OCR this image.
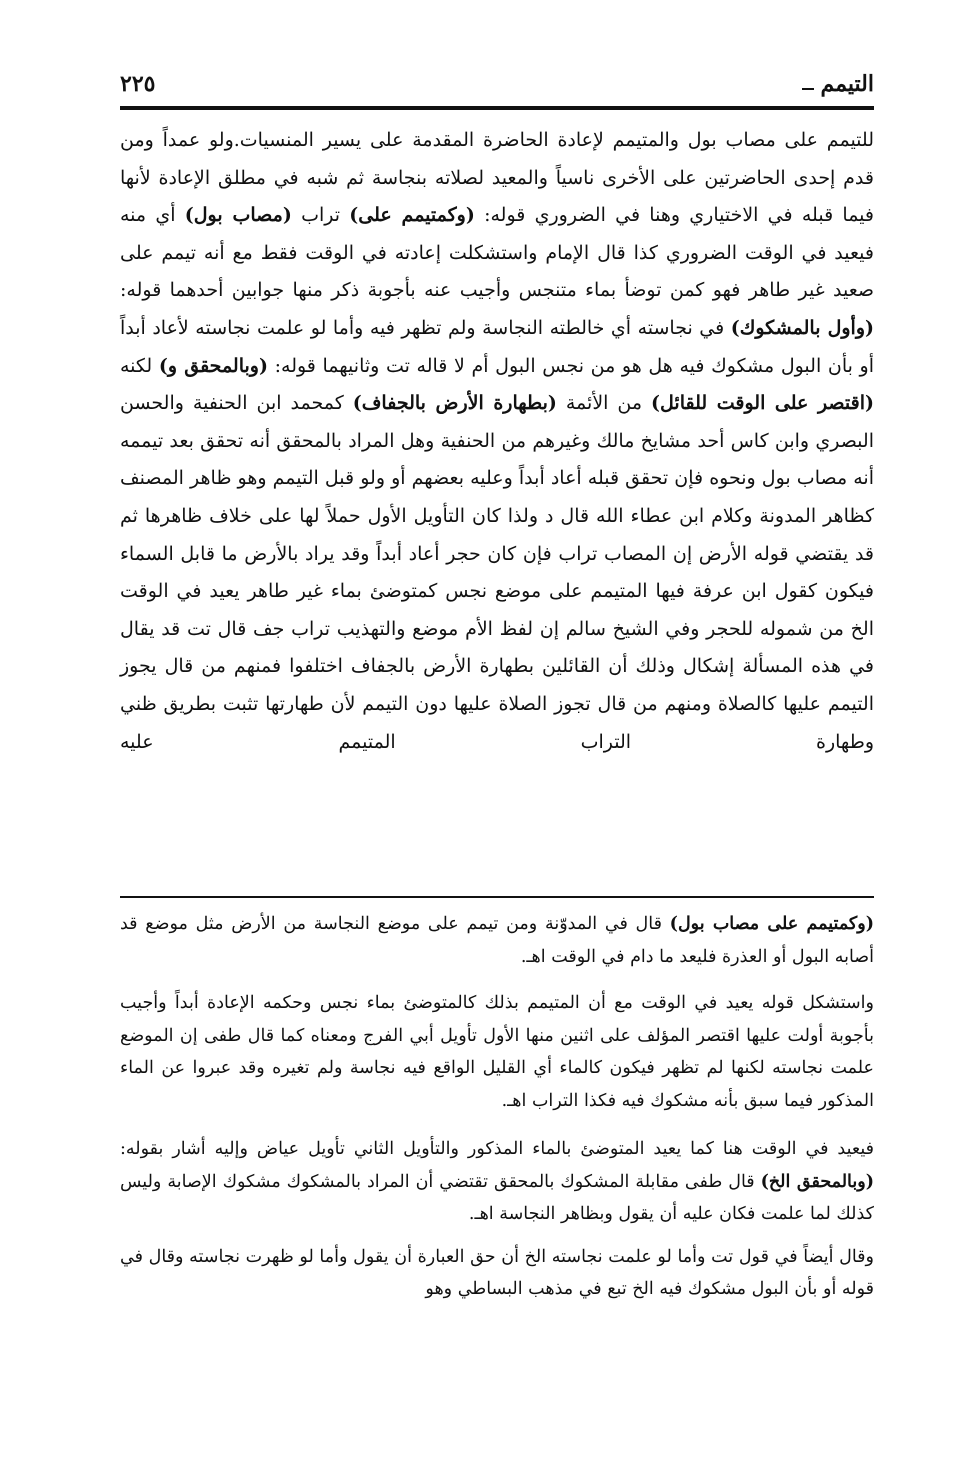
التيمم
٢٢٥

للتيمم على مصاب بول والمتيمم لإعادة الحاضرة المقدمة على يسير المنسيات.ولو عمداً ومن قدم إحدى الحاضرتين على الأخرى ناسياً والمعيد لصلاته بنجاسة ثم شبه في مطلق الإعادة لأنها فيما قبله في الاختياري وهنا في الضروري قوله: (وكمتيمم على) تراب (مصاب بول) أي منه فيعيد في الوقت الضروري كذا قال الإمام واستشكلت إعادته في الوقت فقط مع أنه تيمم على صعيد غير طاهر فهو كمن توضأ بماء متنجس وأجيب عنه بأجوبة ذكر منها جوابين أحدهما قوله: (وأول بالمشكوك) في نجاسته أي خالطته النجاسة ولم تظهر فيه وأما لو علمت نجاسته لأعاد أبداً أو بأن البول مشكوك فيه هل هو من نجس البول أم لا قاله تت وثانيهما قوله: (وبالمحقق و) لكنه (اقتصر على الوقت للقائل) من الأئمة (بطهارة الأرض بالجفاف) كمحمد ابن الحنفية والحسن البصري وابن كاس أحد مشايخ مالك وغيرهم من الحنفية وهل المراد بالمحقق أنه تحقق بعد تيممه أنه مصاب بول ونحوه فإن تحقق قبله أعاد أبداً وعليه بعضهم أو ولو قبل التيمم وهو ظاهر المصنف كظاهر المدونة وكلام ابن عطاء الله قال د ولذا كان التأويل الأول حملاً لها على خلاف ظاهرها ثم قد يقتضي قوله الأرض إن المصاب تراب فإن كان حجر أعاد أبداً وقد يراد بالأرض ما قابل السماء فيكون كقول ابن عرفة فيها المتيمم على موضع نجس كمتوضئ بماء غير طاهر يعيد في الوقت الخ من شموله للحجر وفي الشيخ سالم إن لفظ الأم موضع والتهذيب تراب جف قال تت قد يقال في هذه المسألة إشكال وذلك أن القائلين بطهارة الأرض بالجفاف اختلفوا فمنهم من قال يجوز التيمم عليها كالصلاة ومنهم من قال تجوز الصلاة عليها دون التيمم لأن طهارتها تثبت بطريق ظني وطهارة التراب المتيمم عليه

(وكمتيمم على مصاب بول) قال في المدوّنة ومن تيمم على موضع النجاسة من الأرض مثل موضع قد أصابه البول أو العذرة فليعد ما دام في الوقت اهـ.

واستشكل قوله يعيد في الوقت مع أن المتيمم بذلك كالمتوضئ بماء نجس وحكمه الإعادة أبداً وأجيب بأجوبة أولت عليها اقتصر المؤلف على اثنين منها الأول تأويل أبي الفرج ومعناه كما قال طفى إن الموضع علمت نجاسته لكنها لم تظهر فيكون كالماء أي القليل الواقع فيه نجاسة ولم تغيره وقد عبروا عن الماء المذكور فيما سبق بأنه مشكوك فيه فكذا التراب اهـ.

فيعيد في الوقت هنا كما يعيد المتوضئ بالماء المذكور والتأويل الثاني تأويل عياض وإليه أشار بقوله: (وبالمحقق الخ) قال طفى مقابلة المشكوك بالمحقق تقتضي أن المراد بالمشكوك مشكوك الإصابة وليس كذلك لما علمت فكان عليه أن يقول وبظاهر النجاسة اهـ.

وقال أيضاً في قول تت وأما لو علمت نجاسته الخ أن حق العبارة أن يقول وأما لو ظهرت نجاسته وقال في قوله أو بأن البول مشكوك فيه الخ تبع في مذهب البساطي وهو
